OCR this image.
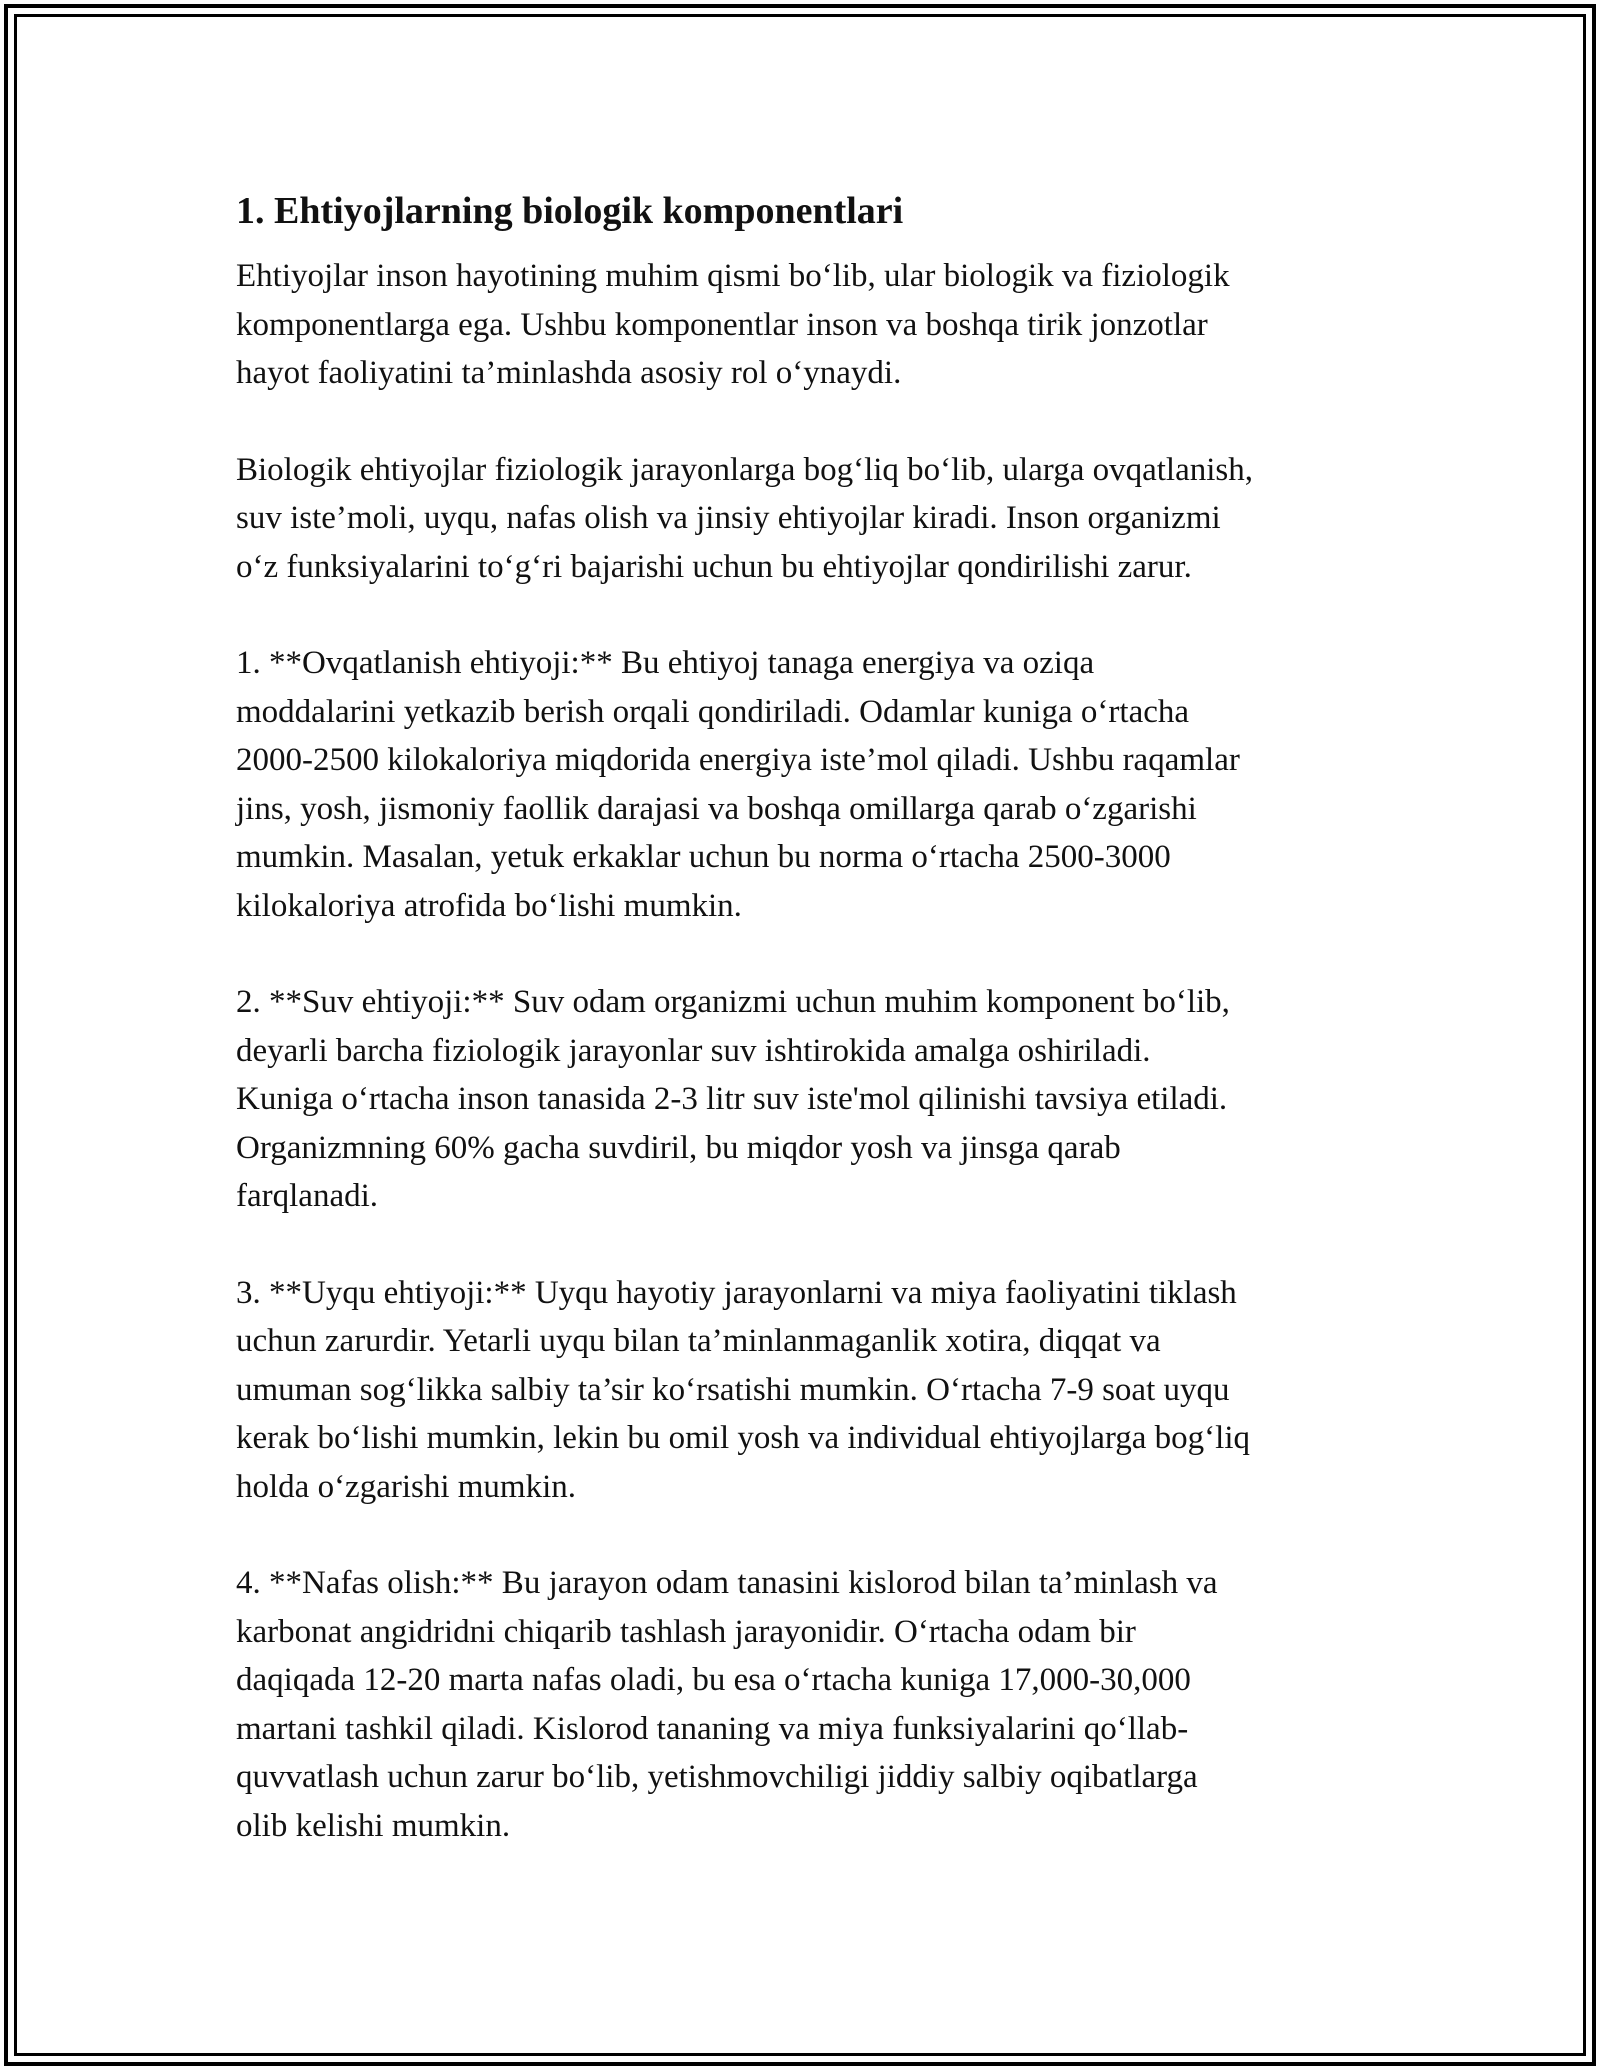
1. Ehtiyojlarning biologik komponentlari

Ehtiyojlar inson hayotining muhim qismi bo‘lib, ular biologik va fiziologik
komponentlarga ega. Ushbu komponentlar inson va boshqa tirik jonzotlar
hayot faoliyatini ta’minlashda asosiy rol o‘ynaydi.

Biologik ehtiyojlar fiziologik jarayonlarga bog‘liq bo‘lib, ularga ovqatlanish,
suv iste’moli, uyqu, nafas olish va jinsiy ehtiyojlar kiradi. Inson organizmi
o‘z funksiyalarini to‘g‘ri bajarishi uchun bu ehtiyojlar qondirilishi zarur.

1. **Ovqatlanish ehtiyoji:** Bu ehtiyoj tanaga energiya va oziqa
moddalarini yetkazib berish orqali qondiriladi. Odamlar kuniga o‘rtacha
2000-2500 kilokaloriya miqdorida energiya iste’mol qiladi. Ushbu raqamlar
jins, yosh, jismoniy faollik darajasi va boshqa omillarga qarab o‘zgarishi
mumkin. Masalan, yetuk erkaklar uchun bu norma o‘rtacha 2500-3000
kilokaloriya atrofida bo‘lishi mumkin.

2. **Suv ehtiyoji:** Suv odam organizmi uchun muhim komponent bo‘lib,
deyarli barcha fiziologik jarayonlar suv ishtirokida amalga oshiriladi.
Kuniga o‘rtacha inson tanasida 2-3 litr suv iste'mol qilinishi tavsiya etiladi.
Organizmning 60% gacha suvdiril, bu miqdor yosh va jinsga qarab
farqlanadi.

3. **Uyqu ehtiyoji:** Uyqu hayotiy jarayonlarni va miya faoliyatini tiklash
uchun zarurdir. Yetarli uyqu bilan ta’minlanmaganlik xotira, diqqat va
umuman sog‘likka salbiy ta’sir ko‘rsatishi mumkin. O‘rtacha 7-9 soat uyqu
kerak bo‘lishi mumkin, lekin bu omil yosh va individual ehtiyojlarga bog‘liq
holda o‘zgarishi mumkin.

4. **Nafas olish:** Bu jarayon odam tanasini kislorod bilan ta’minlash va
karbonat angidridni chiqarib tashlash jarayonidir. O‘rtacha odam bir
daqiqada 12-20 marta nafas oladi, bu esa o‘rtacha kuniga 17,000-30,000
martani tashkil qiladi. Kislorod tananing va miya funksiyalarini qo‘llab-
quvvatlash uchun zarur bo‘lib, yetishmovchiligi jiddiy salbiy oqibatlarga
olib kelishi mumkin.
